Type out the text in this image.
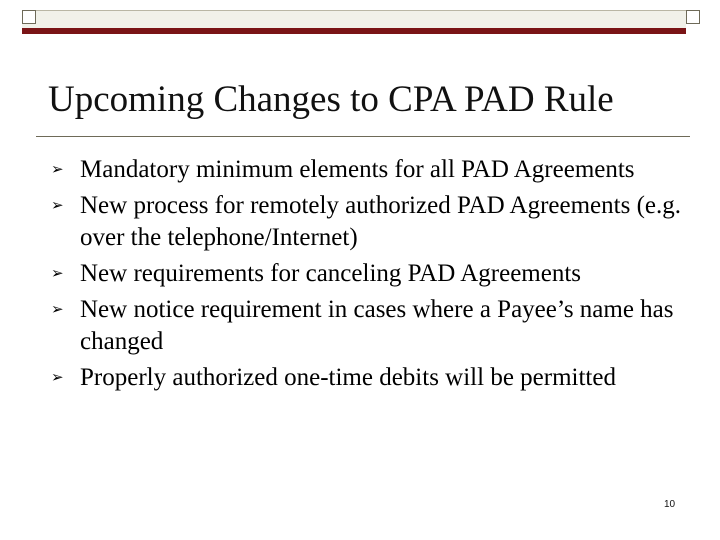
Upcoming Changes to CPA PAD Rule
➢ Mandatory minimum elements for all PAD Agreements
➢ New process for remotely authorized PAD Agreements (e.g. over the telephone/Internet)
➢ New requirements for canceling PAD Agreements
➢ New notice requirement in cases where a Payee’s name has changed
➢ Properly authorized one-time debits will be permitted
10
